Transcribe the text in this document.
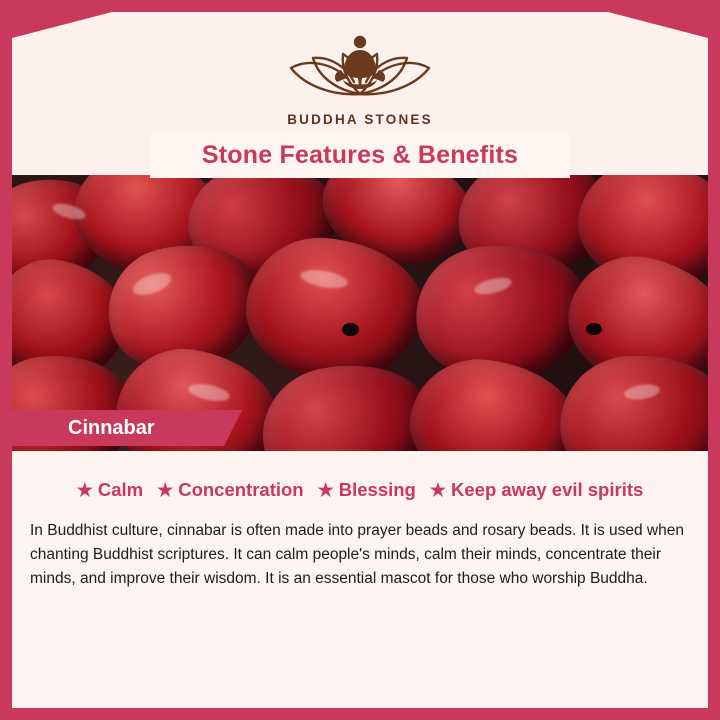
BUDDHA STONES
Stone Features & Benefits
Cinnabar
★ Calm ★ Concentration ★ Blessing ★ Keep away evil spirits
In Buddhist culture, cinnabar is often made into prayer beads and rosary beads. It is used when chanting Buddhist scriptures. It can calm people's minds, calm their minds, concentrate their minds, and improve their wisdom. It is an essential mascot for those who worship Buddha.
